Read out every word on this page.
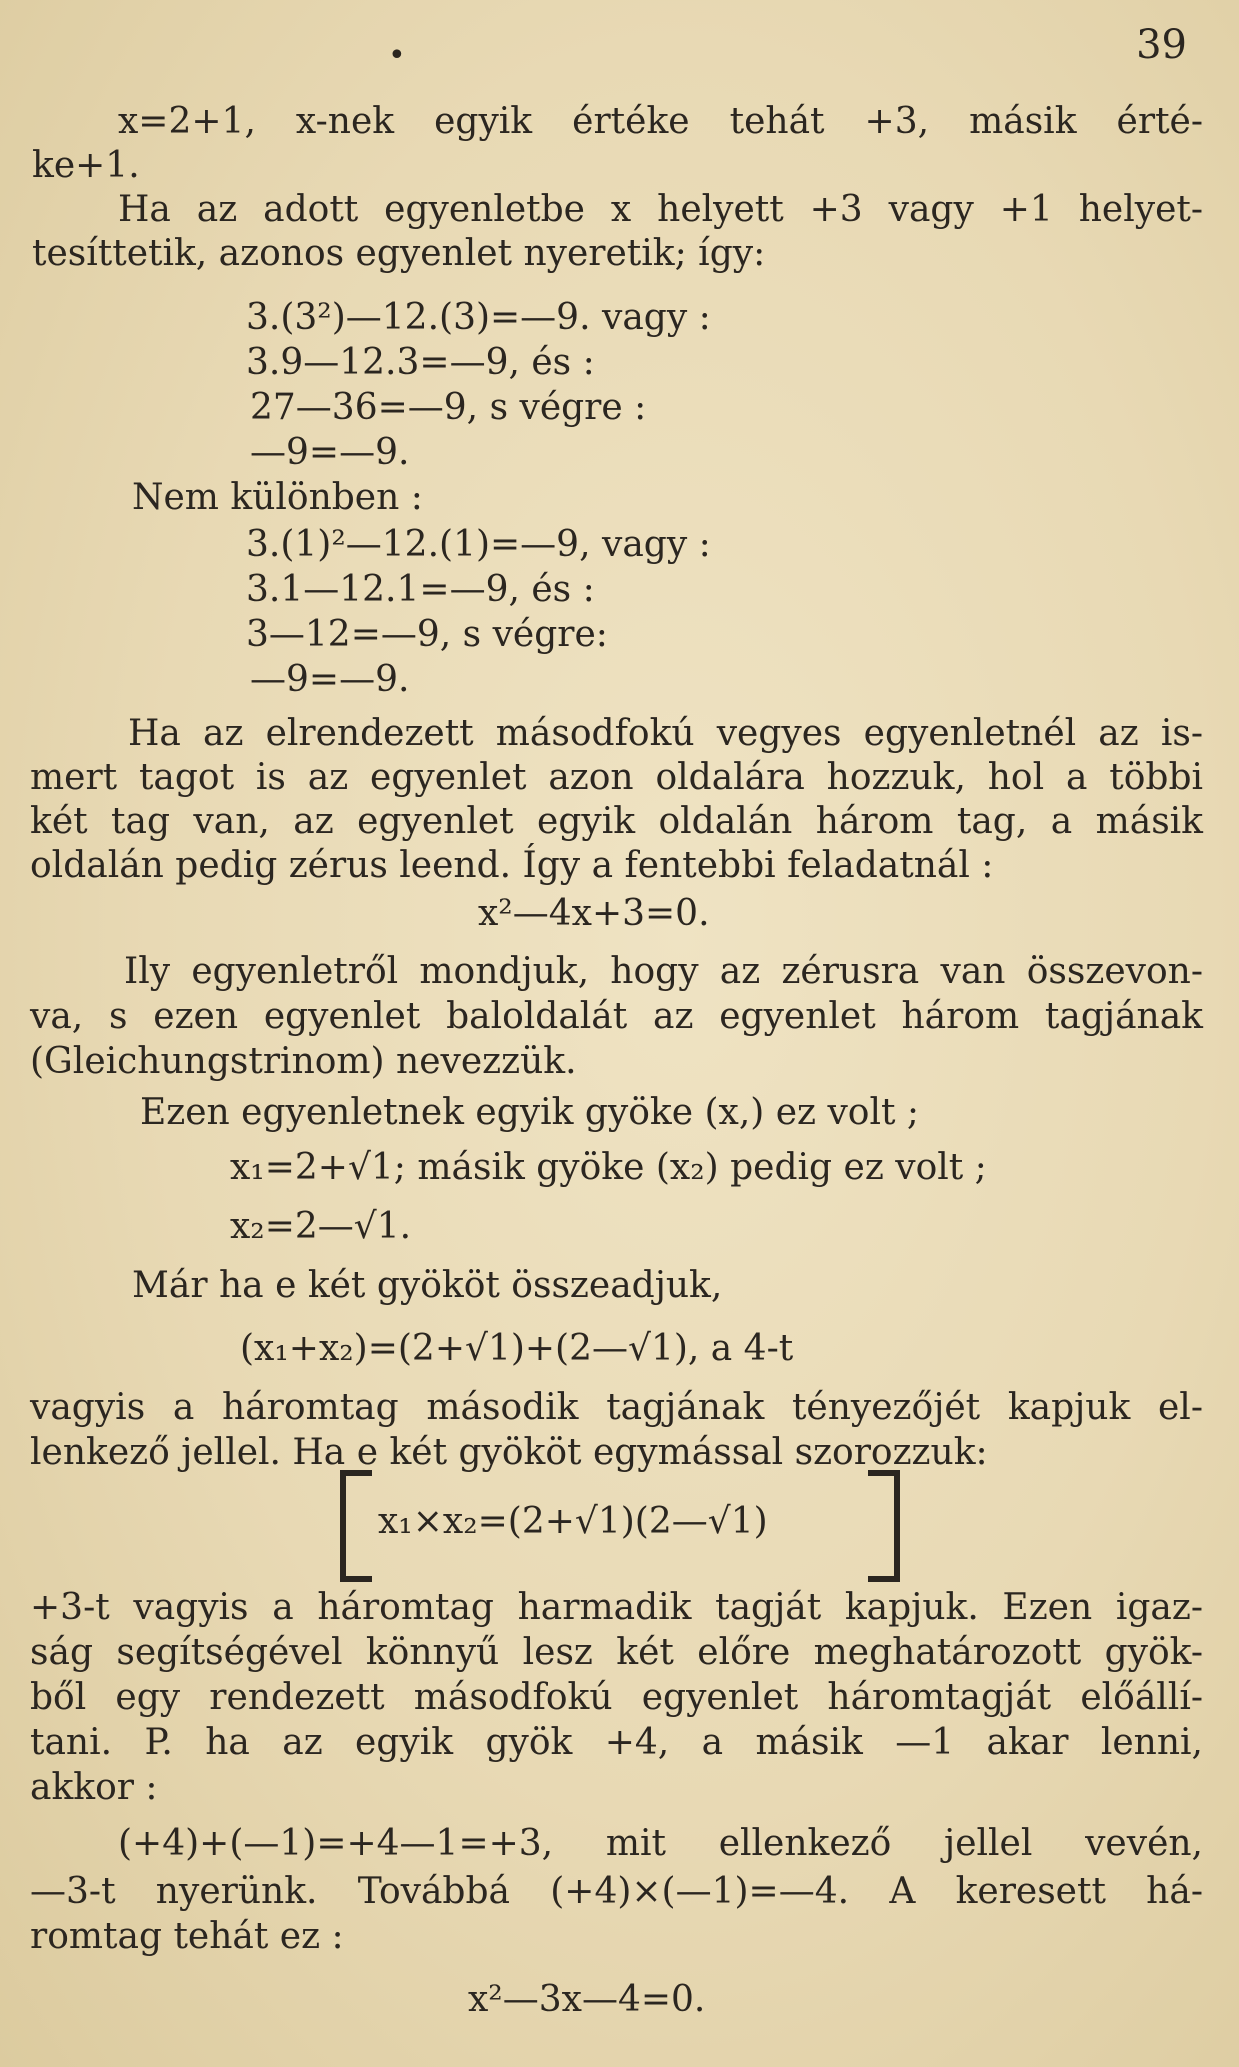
•	39
x=2+1, x-nek egyik értéke tehát +3, másik érté-
ke+1.
Ha az adott egyenletbe x helyett +3 vagy +1 helyet-
tesíttetik, azonos egyenlet nyeretik; így:
3.(3²)—12.(3)=—9. vagy :
3.9—12.3=—9, és :
27—36=—9, s végre :
—9=—9.
Nem különben :
3.(1)²—12.(1)=—9, vagy :
3.1—12.1=—9, és :
3—12=—9, s végre:
—9=—9.
Ha az elrendezett másodfokú vegyes egyenletnél az is-
mert tagot is az egyenlet azon oldalára hozzuk, hol a többi
két tag van, az egyenlet egyik oldalán három tag, a másik
oldalán pedig zérus leend. Így a fentebbi feladatnál :
x²—4x+3=0.
Ily egyenletről mondjuk, hogy az zérusra van összevon-
va, s ezen egyenlet baloldalát az egyenlet három tagjának
(Gleichungstrinom) nevezzük.
Ezen egyenletnek egyik gyöke (x,) ez volt ;
x₁=2+√1; másik gyöke (x₂) pedig ez volt ;
x₂=2—√1.
Már ha e két gyököt összeadjuk,
(x₁+x₂)=(2+√1)+(2—√1), a 4-t
vagyis a háromtag második tagjának tényezőjét kapjuk el-
lenkező jellel. Ha e két gyököt egymással szorozzuk:
x₁×x₂=(2+√1)(2—√1)
+3-t vagyis a háromtag harmadik tagját kapjuk. Ezen igaz-
ság segítségével könnyű lesz két előre meghatározott gyök-
ből egy rendezett másodfokú egyenlet háromtagját előállí-
tani. P. ha az egyik gyök +4, a másik —1 akar lenni,
akkor :
(+4)+(—1)=+4—1=+3, mit ellenkező jellel vevén,
—3-t nyerünk. Továbbá (+4)×(—1)=—4. A keresett há-
romtag tehát ez :
x²—3x—4=0.
